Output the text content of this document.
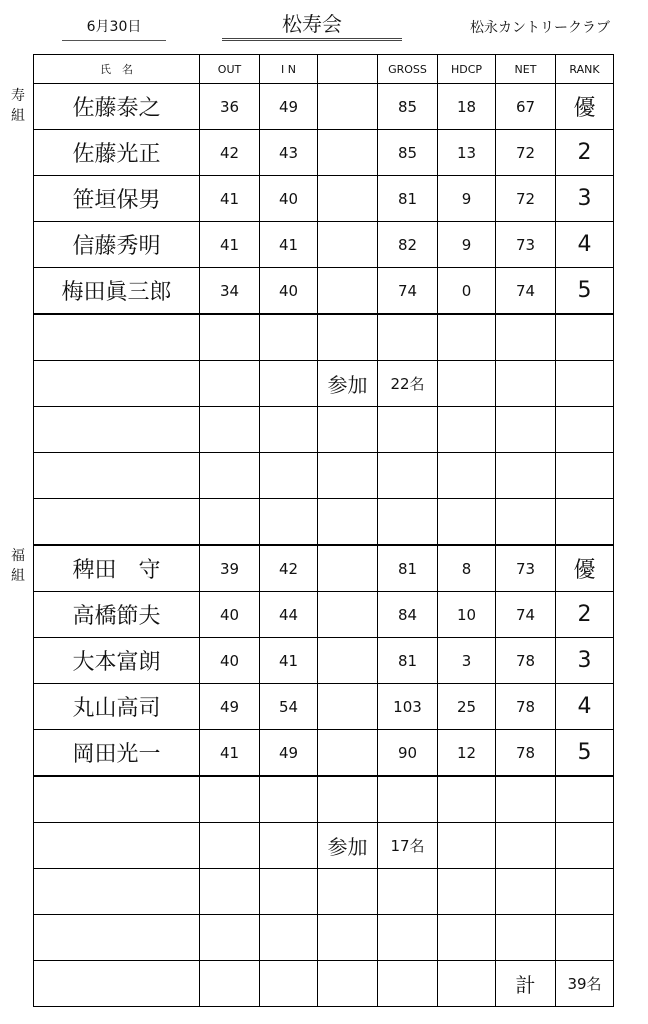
6月30日	松寿会	松永カントリークラブ
寿組
福組
氏　名	OUT	I N		GROSS	HDCP	NET	RANK
佐藤泰之	36	49		85	18	67	優
佐藤光正	42	43		85	13	72	2
笹垣保男	41	40		81	9	72	3
信藤秀明	41	41		82	9	73	4
梅田眞三郎	34	40		74	0	74	5

			参加	22名			

稗田　守	39	42		81	8	73	優
高橋節夫	40	44		84	10	74	2
大本富朗	40	41		81	3	78	3
丸山高司	49	54		103	25	78	4
岡田光一	41	49		90	12	78	5

			参加	17名			

						計	39名
